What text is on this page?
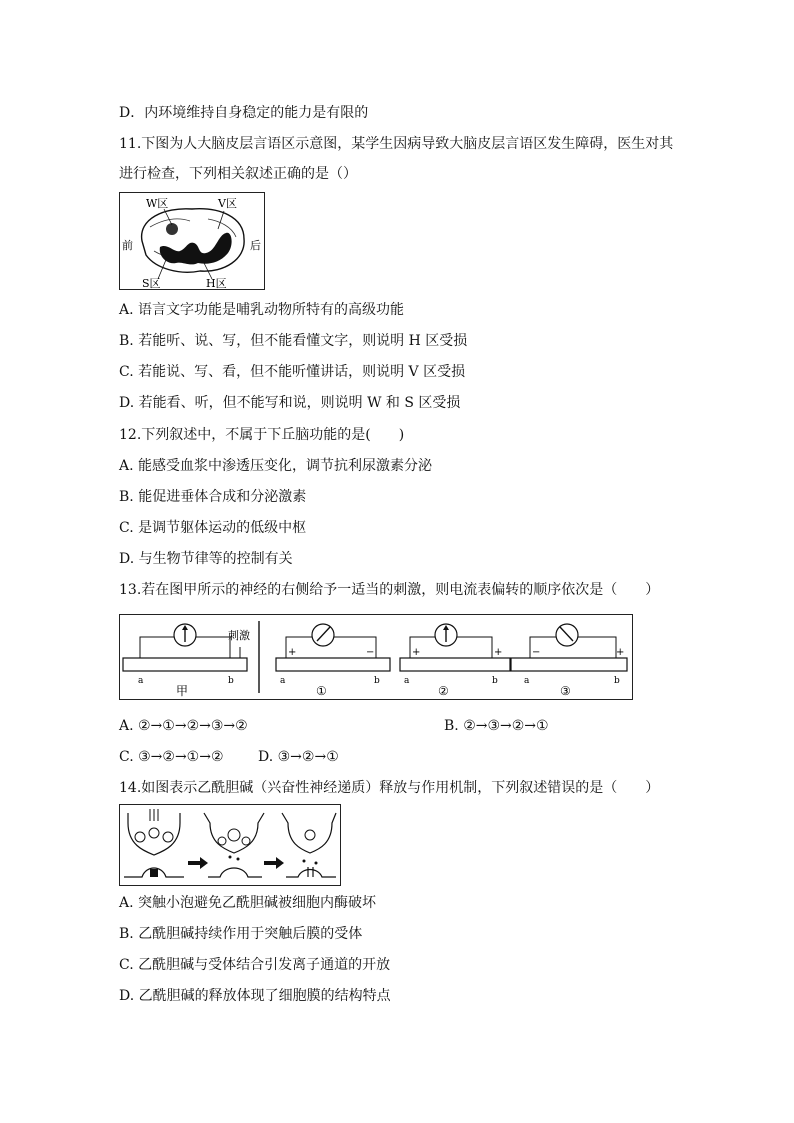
D．内环境维持自身稳定的能力是有限的
11.下图为人大脑皮层言语区示意图，某学生因病导致大脑皮层言语区发生障碍，医生对其
进行检查，下列相关叙述正确的是（）
W区	V区
前	后
S区	H区
A. 语言文字功能是哺乳动物所特有的高级功能
B. 若能听、说、写，但不能看懂文字，则说明 H 区受损
C. 若能说、写、看，但不能听懂讲话，则说明 V 区受损
D. 若能看、听，但不能写和说，则说明 W 和 S 区受损
12.下列叙述中，不属于下丘脑功能的是(　　)
A. 能感受血浆中渗透压变化，调节抗利尿激素分泌
B. 能促进垂体合成和分泌激素
C. 是调节躯体运动的低级中枢
D. 与生物节律等的控制有关
13.若在图甲所示的神经的右侧给予一适当的刺激，则电流表偏转的顺序依次是（　　）
刺激
a	b
甲
+	−
a	b
①
+	+
a	b
②
−	+
a	b
③
A. ②→①→②→③→②	B. ②→③→②→①
C. ③→②→①→② D. ③→②→①
14.如图表示乙酰胆碱（兴奋性神经递质）释放与作用机制，下列叙述错误的是（　　）
A. 突触小泡避免乙酰胆碱被细胞内酶破坏
B. 乙酰胆碱持续作用于突触后膜的受体
C. 乙酰胆碱与受体结合引发离子通道的开放
D. 乙酰胆碱的释放体现了细胞膜的结构特点
